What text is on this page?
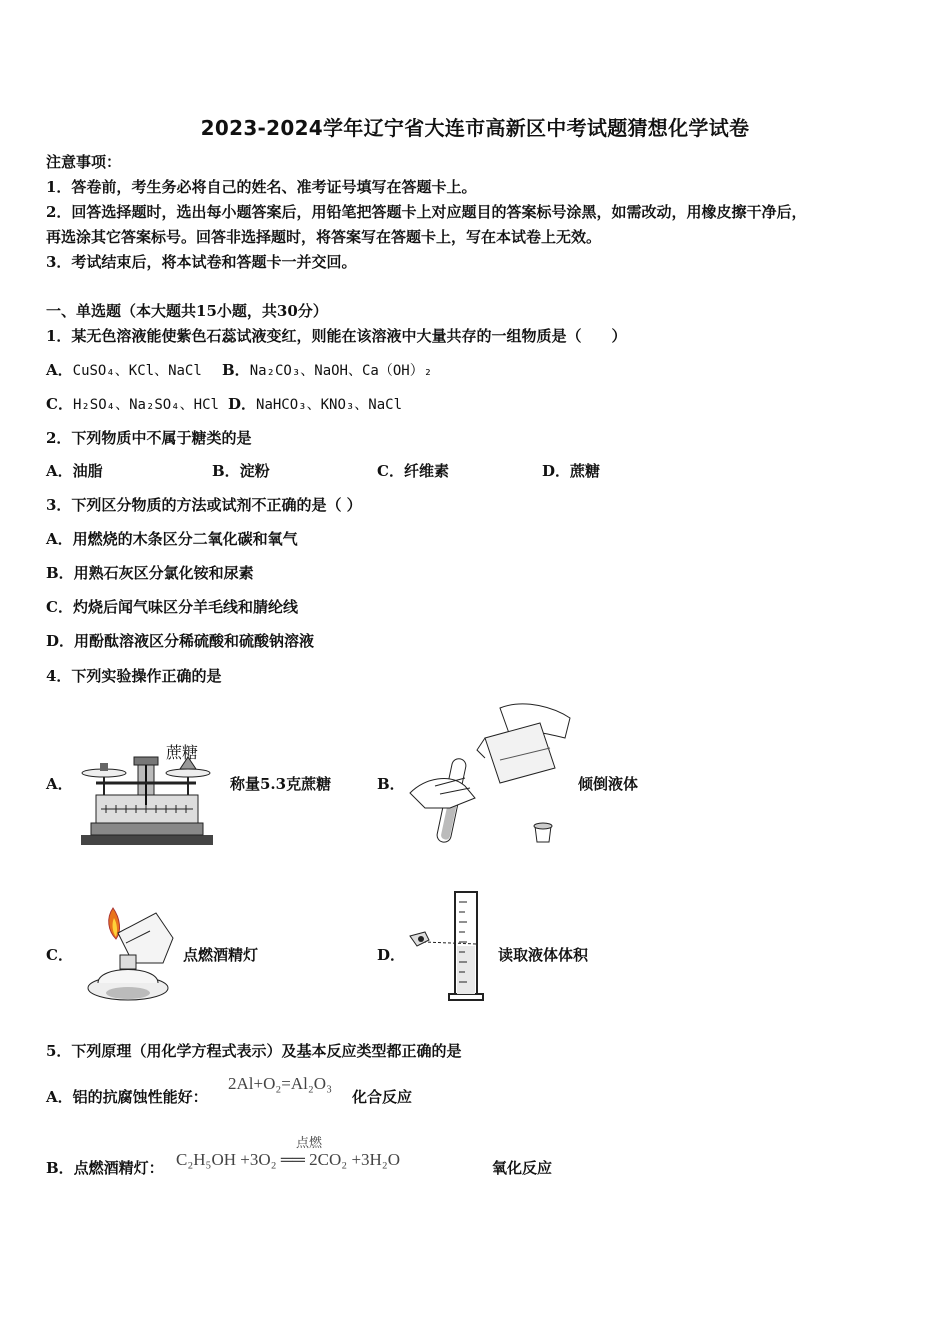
2023-2024学年辽宁省大连市高新区中考试题猜想化学试卷
注意事项：
1．答卷前，考生务必将自己的姓名、准考证号填写在答题卡上。
2．回答选择题时，选出每小题答案后，用铅笔把答题卡上对应题目的答案标号涂黑，如需改动，用橡皮擦干净后，
再选涂其它答案标号。回答非选择题时，将答案写在答题卡上，写在本试卷上无效。
3．考试结束后，将本试卷和答题卡一并交回。
一、单选题（本大题共15小题，共30分）
1．某无色溶液能使紫色石蕊试液变红，则能在该溶液中大量共存的一组物质是（　　）
A．CuSO₄、KCl、NaCl B．Na₂CO₃、NaOH、Ca（OH）₂
C．H₂SO₄、Na₂SO₄、HCl D．NaHCO₃、KNO₃、NaCl
2．下列物质中不属于糖类的是
A．油脂	B．淀粉	C．纤维素	D．蔗糖
3．下列区分物质的方法或试剂不正确的是（ ）
A．用燃烧的木条区分二氧化碳和氧气
B．用熟石灰区分氯化铵和尿素
C．灼烧后闻气味区分羊毛线和腈纶线
D．用酚酞溶液区分稀硫酸和硫酸钠溶液
4．下列实验操作正确的是
A．
蔗糖
称量5.3克蔗糖	B．	倾倒液体
C．	点燃酒精灯	D．	读取液体体积
5．下列原理（用化学方程式表示）及基本反应类型都正确的是
A．铝的抗腐蚀性能好：
2Al+O₂=Al₂O₃
化合反应
B．点燃酒精灯：
点燃
C₂H₅OH +3O₂ ══ 2CO₂ +3H₂O	氧化反应
